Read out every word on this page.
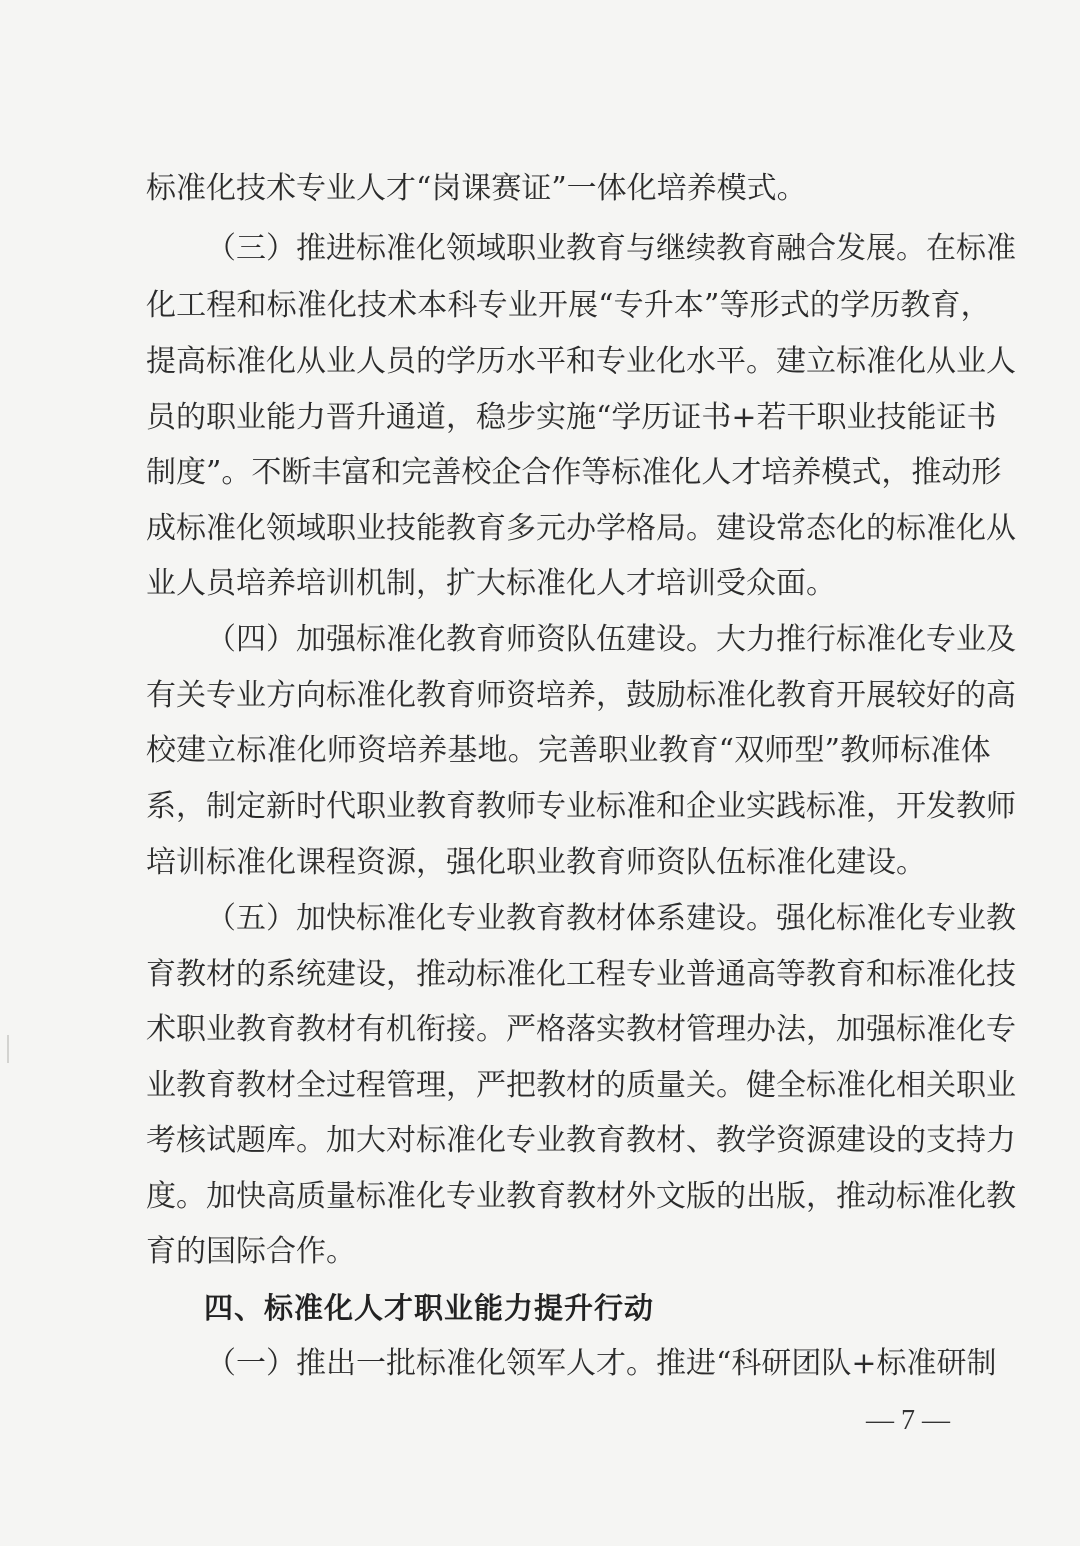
标准化技术专业人才“岗课赛证”一体化培养模式。
（ 三 ） 推 进 标 准 化 领 域 职 业 教 育 与 继 续 教 育 融 合 发 展 。 在 标 准
化 工 程 和 标 准 化 技 术 本 科 专 业 开 展 “ 专 升 本 ” 等 形 式 的 学 历 教 育 ，
提 高 标 准 化 从 业 人 员 的 学 历 水 平 和 专 业 化 水 平 。 建 立 标 准 化 从 业 人
员 的 职 业 能 力 晋 升 通 道 ， 稳 步 实 施 “ 学 历 证 书 + 若 干 职 业 技 能 证 书
制 度 ” 。 不 断 丰 富 和 完 善 校 企 合 作 等 标 准 化 人 才 培 养 模 式 ， 推 动 形
成 标 准 化 领 域 职 业 技 能 教 育 多 元 办 学 格 局 。 建 设 常 态 化 的 标 准 化 从
业人员培养培训机制，扩大标准化人才培训受众面。
（ 四 ） 加 强 标 准 化 教 育 师 资 队 伍 建 设 。 大 力 推 行 标 准 化 专 业 及
有 关 专 业 方 向 标 准 化 教 育 师 资 培 养 ， 鼓 励 标 准 化 教 育 开 展 较 好 的 高
校 建 立 标 准 化 师 资 培 养 基 地 。 完 善 职 业 教 育 “ 双 师 型 ” 教 师 标 准 体
系 ， 制 定 新 时 代 职 业 教 育 教 师 专 业 标 准 和 企 业 实 践 标 准 ， 开 发 教 师
培训标准化课程资源，强化职业教育师资队伍标准化建设。
（ 五 ） 加 快 标 准 化 专 业 教 育 教 材 体 系 建 设 。 强 化 标 准 化 专 业 教
育 教 材 的 系 统 建 设 ， 推 动 标 准 化 工 程 专 业 普 通 高 等 教 育 和 标 准 化 技
术 职 业 教 育 教 材 有 机 衔 接 。 严 格 落 实 教 材 管 理 办 法 ， 加 强 标 准 化 专
业 教 育 教 材 全 过 程 管 理 ， 严 把 教 材 的 质 量 关 。 健 全 标 准 化 相 关 职 业
考 核 试 题 库 。 加 大 对 标 准 化 专 业 教 育 教 材 、 教 学 资 源 建 设 的 支 持 力
度 。 加 快 高 质 量 标 准 化 专 业 教 育 教 材 外 文 版 的 出 版 ， 推 动 标 准 化 教
育的国际合作。
四、标准化人才职业能力提升行动
（ 一 ） 推 出 一 批 标 准 化 领 军 人 才 。 推 进 “ 科 研 团 队 + 标 准 研 制
— 7 —
